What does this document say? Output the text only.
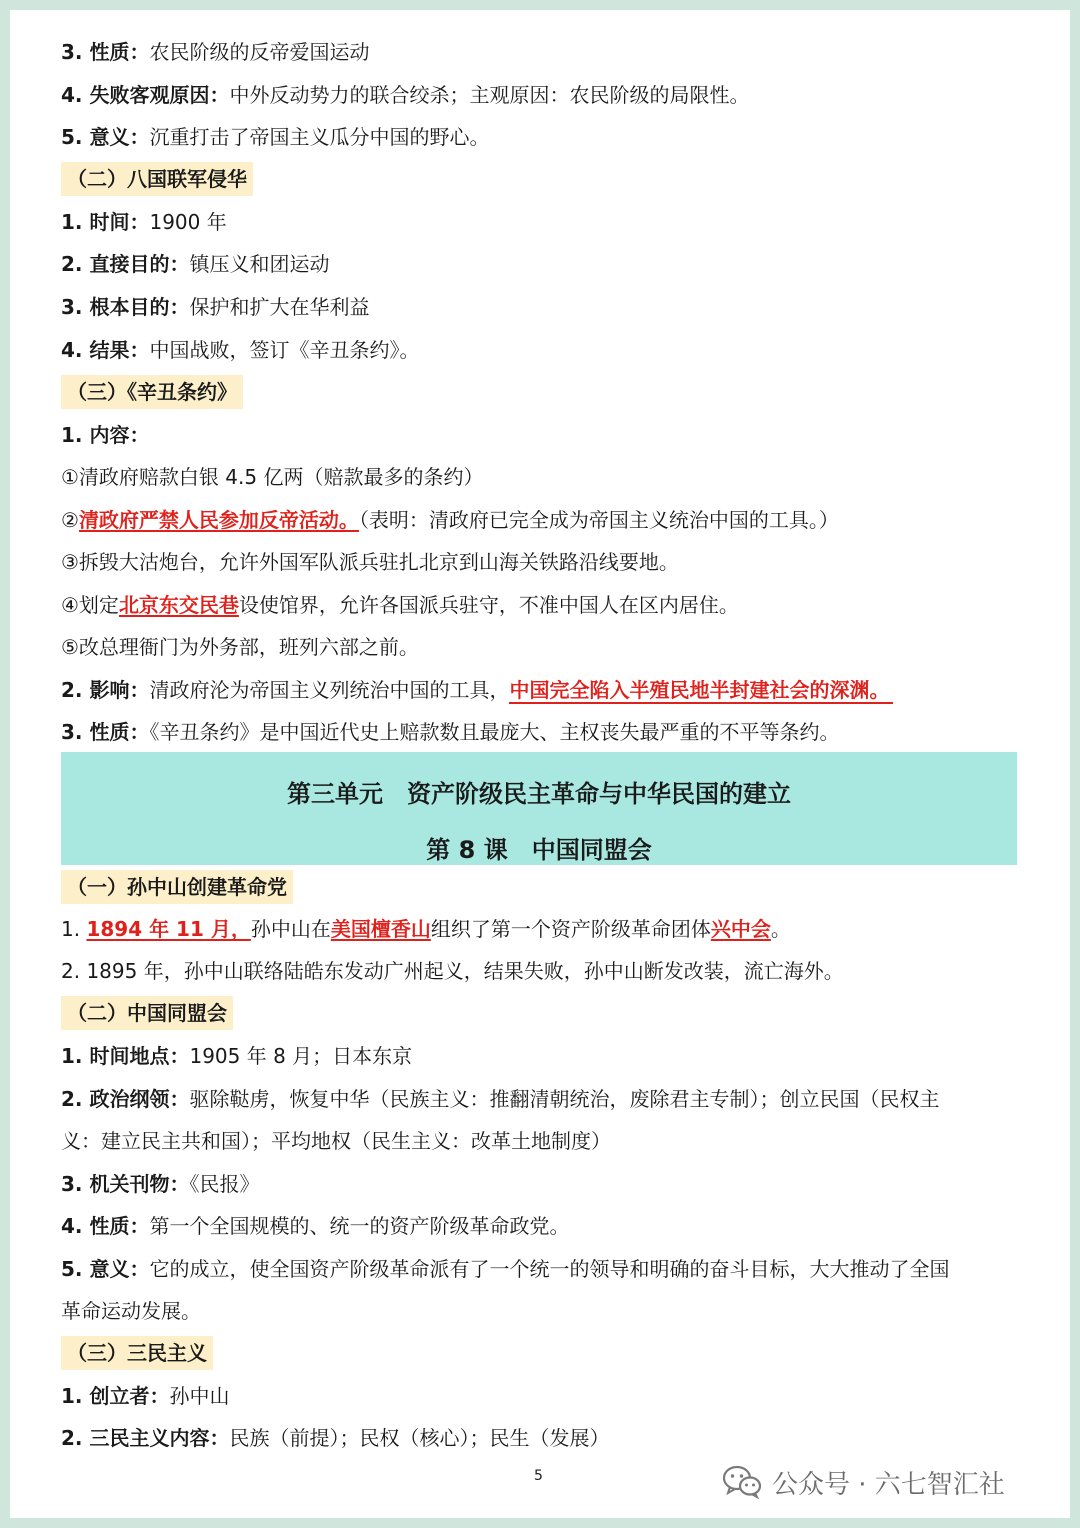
3. 性质：农民阶级的反帝爱国运动
4. 失败客观原因：中外反动势力的联合绞杀；主观原因：农民阶级的局限性。
5. 意义：沉重打击了帝国主义瓜分中国的野心。
（二）八国联军侵华
1. 时间：1900 年
2. 直接目的：镇压义和团运动
3. 根本目的：保护和扩大在华利益
4. 结果：中国战败，签订《辛丑条约》。
（三）《辛丑条约》
1. 内容：
①清政府赔款白银 4.5 亿两（赔款最多的条约）
②清政府严禁人民参加反帝活动。（表明：清政府已完全成为帝国主义统治中国的工具。）
③拆毁大沽炮台，允许外国军队派兵驻扎北京到山海关铁路沿线要地。
④划定北京东交民巷设使馆界，允许各国派兵驻守，不准中国人在区内居住。
⑤改总理衙门为外务部，班列六部之前。
2. 影响：清政府沦为帝国主义列统治中国的工具，中国完全陷入半殖民地半封建社会的深渊。
3. 性质：《辛丑条约》是中国近代史上赔款数且最庞大、主权丧失最严重的不平等条约。
第三单元　资产阶级民主革命与中华民国的建立
第 8 课　中国同盟会
（一）孙中山创建革命党
1. 1894 年 11 月，孙中山在美国檀香山组织了第一个资产阶级革命团体兴中会。
2. 1895 年，孙中山联络陆皓东发动广州起义，结果失败，孙中山断发改装，流亡海外。
（二）中国同盟会
1. 时间地点：1905 年 8 月；日本东京
2. 政治纲领：驱除鞑虏，恢复中华（民族主义：推翻清朝统治，废除君主专制）；创立民国（民权主
义：建立民主共和国）；平均地权（民生主义：改革土地制度）
3. 机关刊物：《民报》
4. 性质：第一个全国规模的、统一的资产阶级革命政党。
5. 意义：它的成立，使全国资产阶级革命派有了一个统一的领导和明确的奋斗目标，大大推动了全国
革命运动发展。
（三）三民主义
1. 创立者：孙中山
2. 三民主义内容：民族（前提）；民权（核心）；民生（发展）
5	公众号 · 六七智汇社
